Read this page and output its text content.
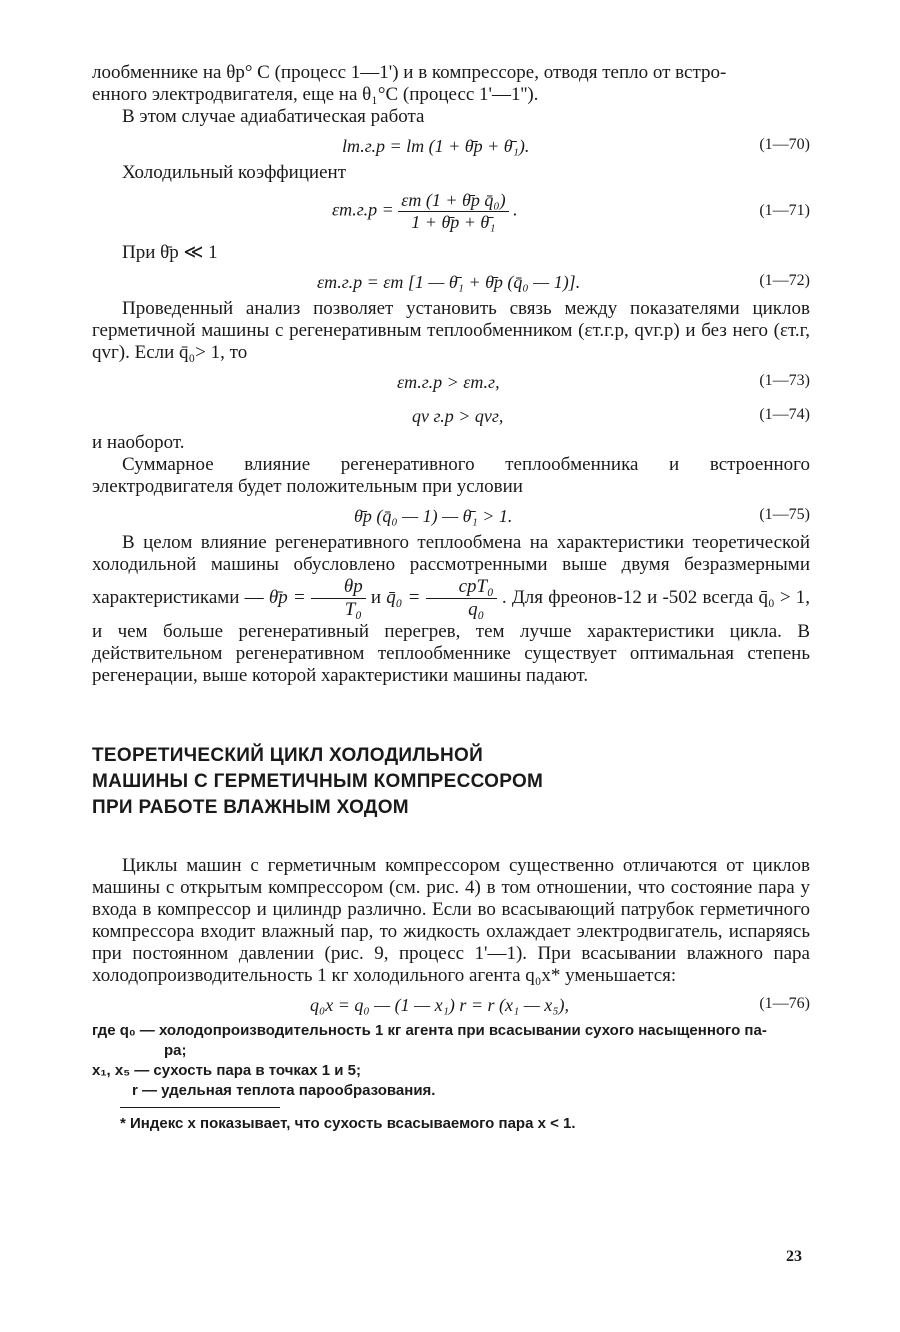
лообменнике на θр° С (процесс 1—1') и в компрессоре, отводя тепло от встро-
енного электродвигателя, еще на θ₁°С (процесс 1'—1'').

В этом случае адиабатическая работа

lт.г.р = lт (1 + θ̄р + θ̄₁).	(1—70)

Холодильный коэффициент

$\varepsilon т.г.р = \frac{\text{εт (1 + θ̄р q̄₀)}}{\text{1 + θ̄р + θ̄₁}}$ .	(1—71)

При θ̄р ≪ 1

εт.г.р = εт [1 — θ̄₁ + θ̄р (q̄₀ — 1)].	(1—72)

Проведенный анализ позволяет установить связь между показателями циклов герметичной машины с регенеративным теплообменником (εт.г.р, qvг.р) и без него (εт.г, qvг). Если q̄₀> 1, то

εт.г.р > εт.г,	(1—73)
qv г.р > qvг,	(1—74)

и наоборот.

Суммарное влияние регенеративного теплообменника и встроенного электродвигателя будет положительным при условии

θ̄р (q̄₀ — 1) — θ̄₁ > 1.	(1—75)

В целом влияние регенеративного теплообмена на характеристики теоретической холодильной машины обусловлено рассмотренными выше двумя безразмерными характеристиками — θ̄р = $\frac{\theta р}{\text{T₀}}$ и q̄₀ = $\frac{\text{cpT₀}}{\text{q₀}}$ . Для фреонов-12 и -502 всегда q̄₀ > 1, и чем больше регенеративный перегрев, тем лучше характеристики цикла. В действительном регенеративном теплообменнике существует оптимальная степень регенерации, выше которой характеристики машины падают.

ТЕОРЕТИЧЕСКИЙ ЦИКЛ ХОЛОДИЛЬНОЙ
МАШИНЫ С ГЕРМЕТИЧНЫМ КОМПРЕССОРОМ
ПРИ РАБОТЕ ВЛАЖНЫМ ХОДОМ

Циклы машин с герметичным компрессором существенно отличаются от циклов машины с открытым компрессором (см. рис. 4) в том отношении, что состояние пара у входа в компрессор и цилиндр различно. Если во всасывающий патрубок герметичного компрессора входит влажный пар, то жидкость охлаждает электродвигатель, испаряясь при постоянном давлении (рис. 9, процесс 1'—1). При всасывании влажного пара холодопроизводительность 1 кг холодильного агента q₀x* уменьшается:

q₀x = q₀ — (1 — x₁) r = r (x₁ — x₅),	(1—76)
где q₀ — холодопроизводительность 1 кг агента при всасывании сухого насыщенного па-
ра;
x₁, x₅ — сухость пара в точках 1 и 5;
r — удельная теплота парообразования.
* Индекс x показывает, что сухость всасываемого пара x < 1.
23
